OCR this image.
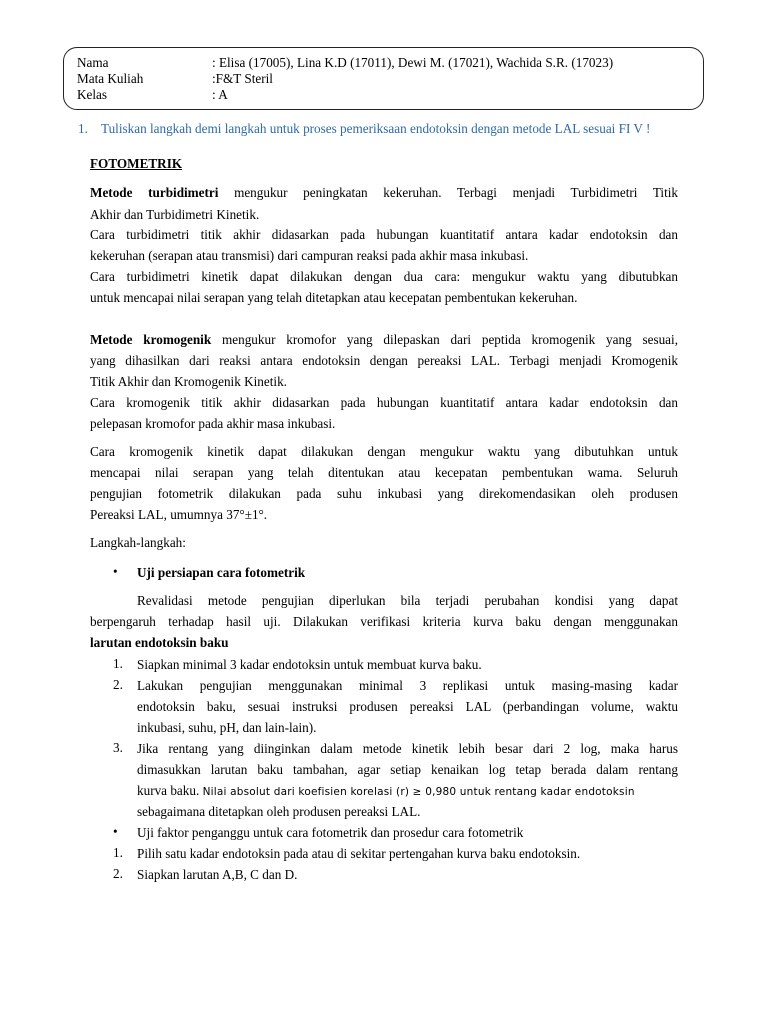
Nama	: Elisa (17005), Lina K.D (17011), Dewi M. (17021), Wachida S.R. (17023)
Mata Kuliah	:F&T Steril
Kelas	: A
1. Tuliskan langkah demi langkah untuk proses pemeriksaan endotoksin dengan metode LAL sesuai FI V !
FOTOMETRIK
Metode turbidimetri mengukur peningkatan kekeruhan. Terbagi menjadi Turbidimetri Titik
Akhir dan Turbidimetri Kinetik.
Cara turbidimetri titik akhir didasarkan pada hubungan kuantitatif antara kadar endotoksin dan
kekeruhan (serapan atau transmisi) dari campuran reaksi pada akhir masa inkubasi.
Cara turbidimetri kinetik dapat dilakukan dengan dua cara: mengukur waktu yang dibutubkan
untuk mencapai nilai serapan yang telah ditetapkan atau kecepatan pembentukan kekeruhan.
Metode kromogenik mengukur kromofor yang dilepaskan dari peptida kromogenik yang sesuai,
yang dihasilkan dari reaksi antara endotoksin dengan pereaksi LAL. Terbagi menjadi Kromogenik
Titik Akhir dan Kromogenik Kinetik.
Cara kromogenik titik akhir didasarkan pada hubungan kuantitatif antara kadar endotoksin dan
pelepasan kromofor pada akhir masa inkubasi.
Cara kromogenik kinetik dapat dilakukan dengan mengukur waktu yang dibutuhkan untuk
mencapai nilai serapan yang telah ditentukan atau kecepatan pembentukan wama. Seluruh
pengujian fotometrik dilakukan pada suhu inkubasi yang direkomendasikan oleh produsen
Pereaksi LAL, umumnya 37°±1°.
Langkah-langkah:
• Uji persiapan cara fotometrik
Revalidasi metode pengujian diperlukan bila terjadi perubahan kondisi yang dapat
berpengaruh terhadap hasil uji. Dilakukan verifikasi kriteria kurva baku dengan menggunakan
larutan endotoksin baku
1. Siapkan minimal 3 kadar endotoksin untuk membuat kurva baku.
2. Lakukan pengujian menggunakan minimal 3 replikasi untuk masing-masing kadar
endotoksin baku, sesuai instruksi produsen pereaksi LAL (perbandingan volume, waktu
inkubasi, suhu, pH, dan lain-lain).
3. Jika rentang yang diinginkan dalam metode kinetik lebih besar dari 2 log, maka harus
dimasukkan larutan baku tambahan, agar setiap kenaikan log tetap berada dalam rentang
kurva baku. Nilai absolut dari koefisien korelasi (r) ≥ 0,980 untuk rentang kadar endotoksin
sebagaimana ditetapkan oleh produsen pereaksi LAL.
• Uji faktor penganggu untuk cara fotometrik dan prosedur cara fotometrik
1. Pilih satu kadar endotoksin pada atau di sekitar pertengahan kurva baku endotoksin.
2. Siapkan larutan A,B, C dan D.
